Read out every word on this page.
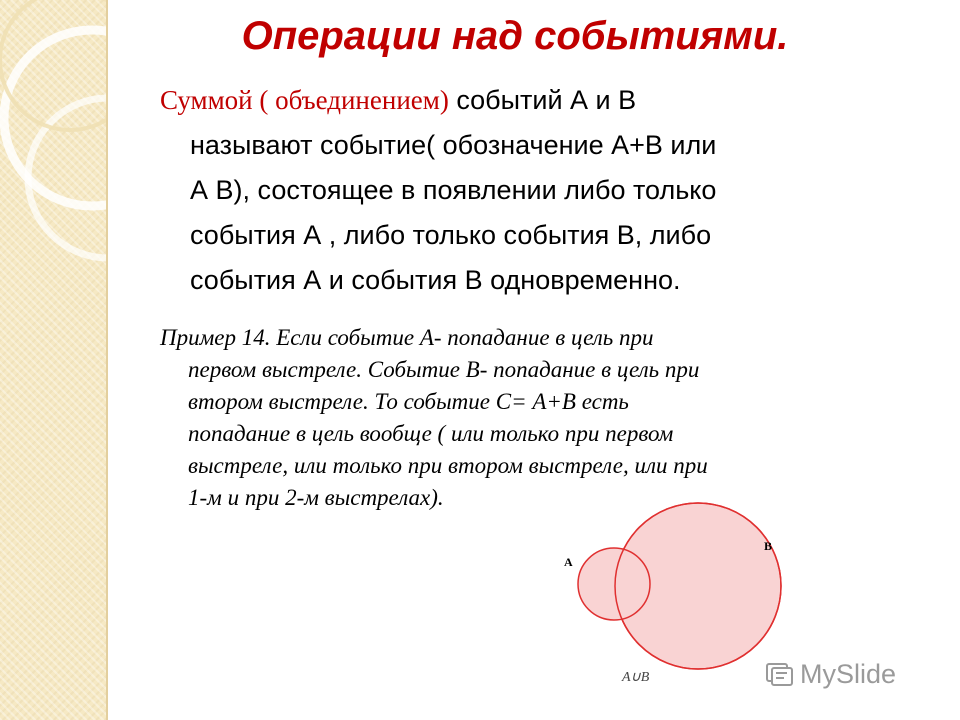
Операции над событиями.
Суммой ( объединением) событий А и В
называют событие( обозначение А+В или
А В), состоящее в появлении либо только
события А , либо только события В, либо
события А и события В одновременно.
Пример 14. Если событие А- попадание в цель при
первом выстреле. Событие В- попадание в цель при
втором выстреле. То событие С= А+В есть
попадание в цель вообще ( или только при первом
выстреле, или только при втором выстреле, или при
1-м и при 2-м выстрелах).
A
B
A∪B	MySlide
